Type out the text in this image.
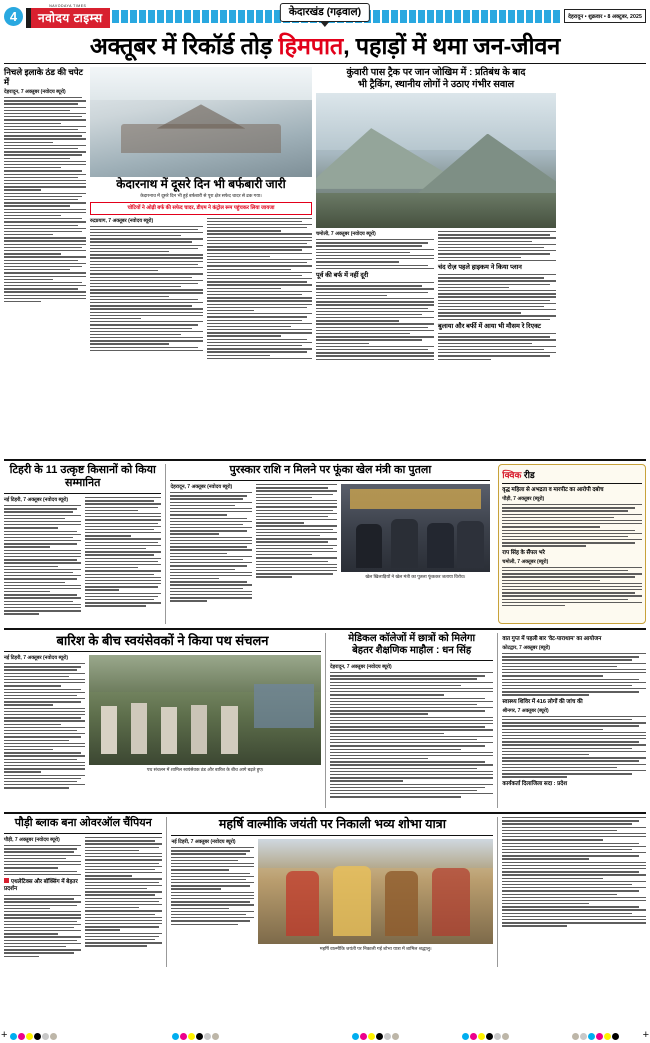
4
NAVODAYA TIMES
नवोदय टाइम्स	केदारखंड (गढ़वाल)	देहरादून • शुक्रवार • 8 अक्टूबर, 2025
अक्तूबर में रिकॉर्ड तोड़ हिमपात, पहाड़ों में थमा जन-जीवन
निचले इलाके ठंड की चपेट में
देहरादून, 7 अक्तूबर (नवोदय ब्यूरो)
केदारनाथ में दूसरे दिन भी बर्फबारी जारी
केदारनाथ में दूसरे दिन भी हुई बर्फबारी से पूरा क्षेत्र सफेद चादर से ढक गया।
चोटियों ने ओढ़ी बर्फ की सफेद चादर, डीएम ने कंट्रोल रूम पहुंचकर लिया जायजा
रुद्रप्रयाग, 7 अक्तूबर (नवोदय ब्यूरो)
कुंवारी पास ट्रैक पर जान जोखिम में : प्रतिबंध के बाद
भी ट्रैकिंग, स्थानीय लोगों ने उठाए गंभीर सवाल
चमोली, 7 अक्तूबर (नवोदय ब्यूरो)
पूर्व की बर्फ में नहीं दूरी
चंद रोज़ पहले हाइकम ने किया प्लान
बुलाया और बर्फी में आया भी मौसम रे रिएक्ट
टिहरी के 11 उत्कृष्ट किसानों को किया सम्मानित
नई टिहरी, 7 अक्तूबर (नवोदय ब्यूरो)
पुरस्कार राशि न मिलने पर फूंका खेल मंत्री का पुतला
देहरादून, 7 अक्तूबर (नवोदय ब्यूरो)
खेल खिलाड़ियों ने खेल मंत्री का पुतला फूंककर जताया विरोध।
क्विक रीड
वृद्ध महिला से अभद्रता व मारपीट का आरोपी दबोच
पौड़ी, 7 अक्तूबर (ब्यूरो)
राप सिंह के सैंपल भरे
चमोली, 7 अक्तूबर (ब्यूरो)
बारिश के बीच स्वयंसेवकों ने किया पथ संचलन
नई टिहरी, 7 अक्तूबर (नवोदय ब्यूरो)
पथ संचलन में शामिल स्वयंसेवक ठंड और बारिश के बीच आगे बढ़ते हुए।
मेडिकल कॉलेजों में छात्रों को मिलेगा
बेहतर शैक्षणिक माहौल : धन सिंह
देहरादून, 7 अक्तूबर (नवोदय ब्यूरो)
वात गुप्त में पहली बार 'वेट-पाराथाम' का आयोजन
कोटद्वार, 7 अक्तूबर (ब्यूरो)
स्वास्थ्य शिविर में 416 लोगों की जांच की
श्रीनगर, 7 अक्तूबर (ब्यूरो)
कार्यकर्ता दिलाजिला सदा : प्रदेश
पौड़ी ब्लाक बना ओवरऑल चैंपियन
पौड़ी, 7 अक्तूबर (नवोदय ब्यूरो)
एथलेटिक्स और बॉक्सिंग में बेहतर प्रदर्शन
महर्षि वाल्मीकि जयंती पर निकाली भव्य शोभा यात्रा
नई टिहरी, 7 अक्तूबर (नवोदय ब्यूरो)
महर्षि वाल्मीकि जयंती पर निकाली गई शोभा यात्रा में शामिल श्रद्धालु।
+	+
